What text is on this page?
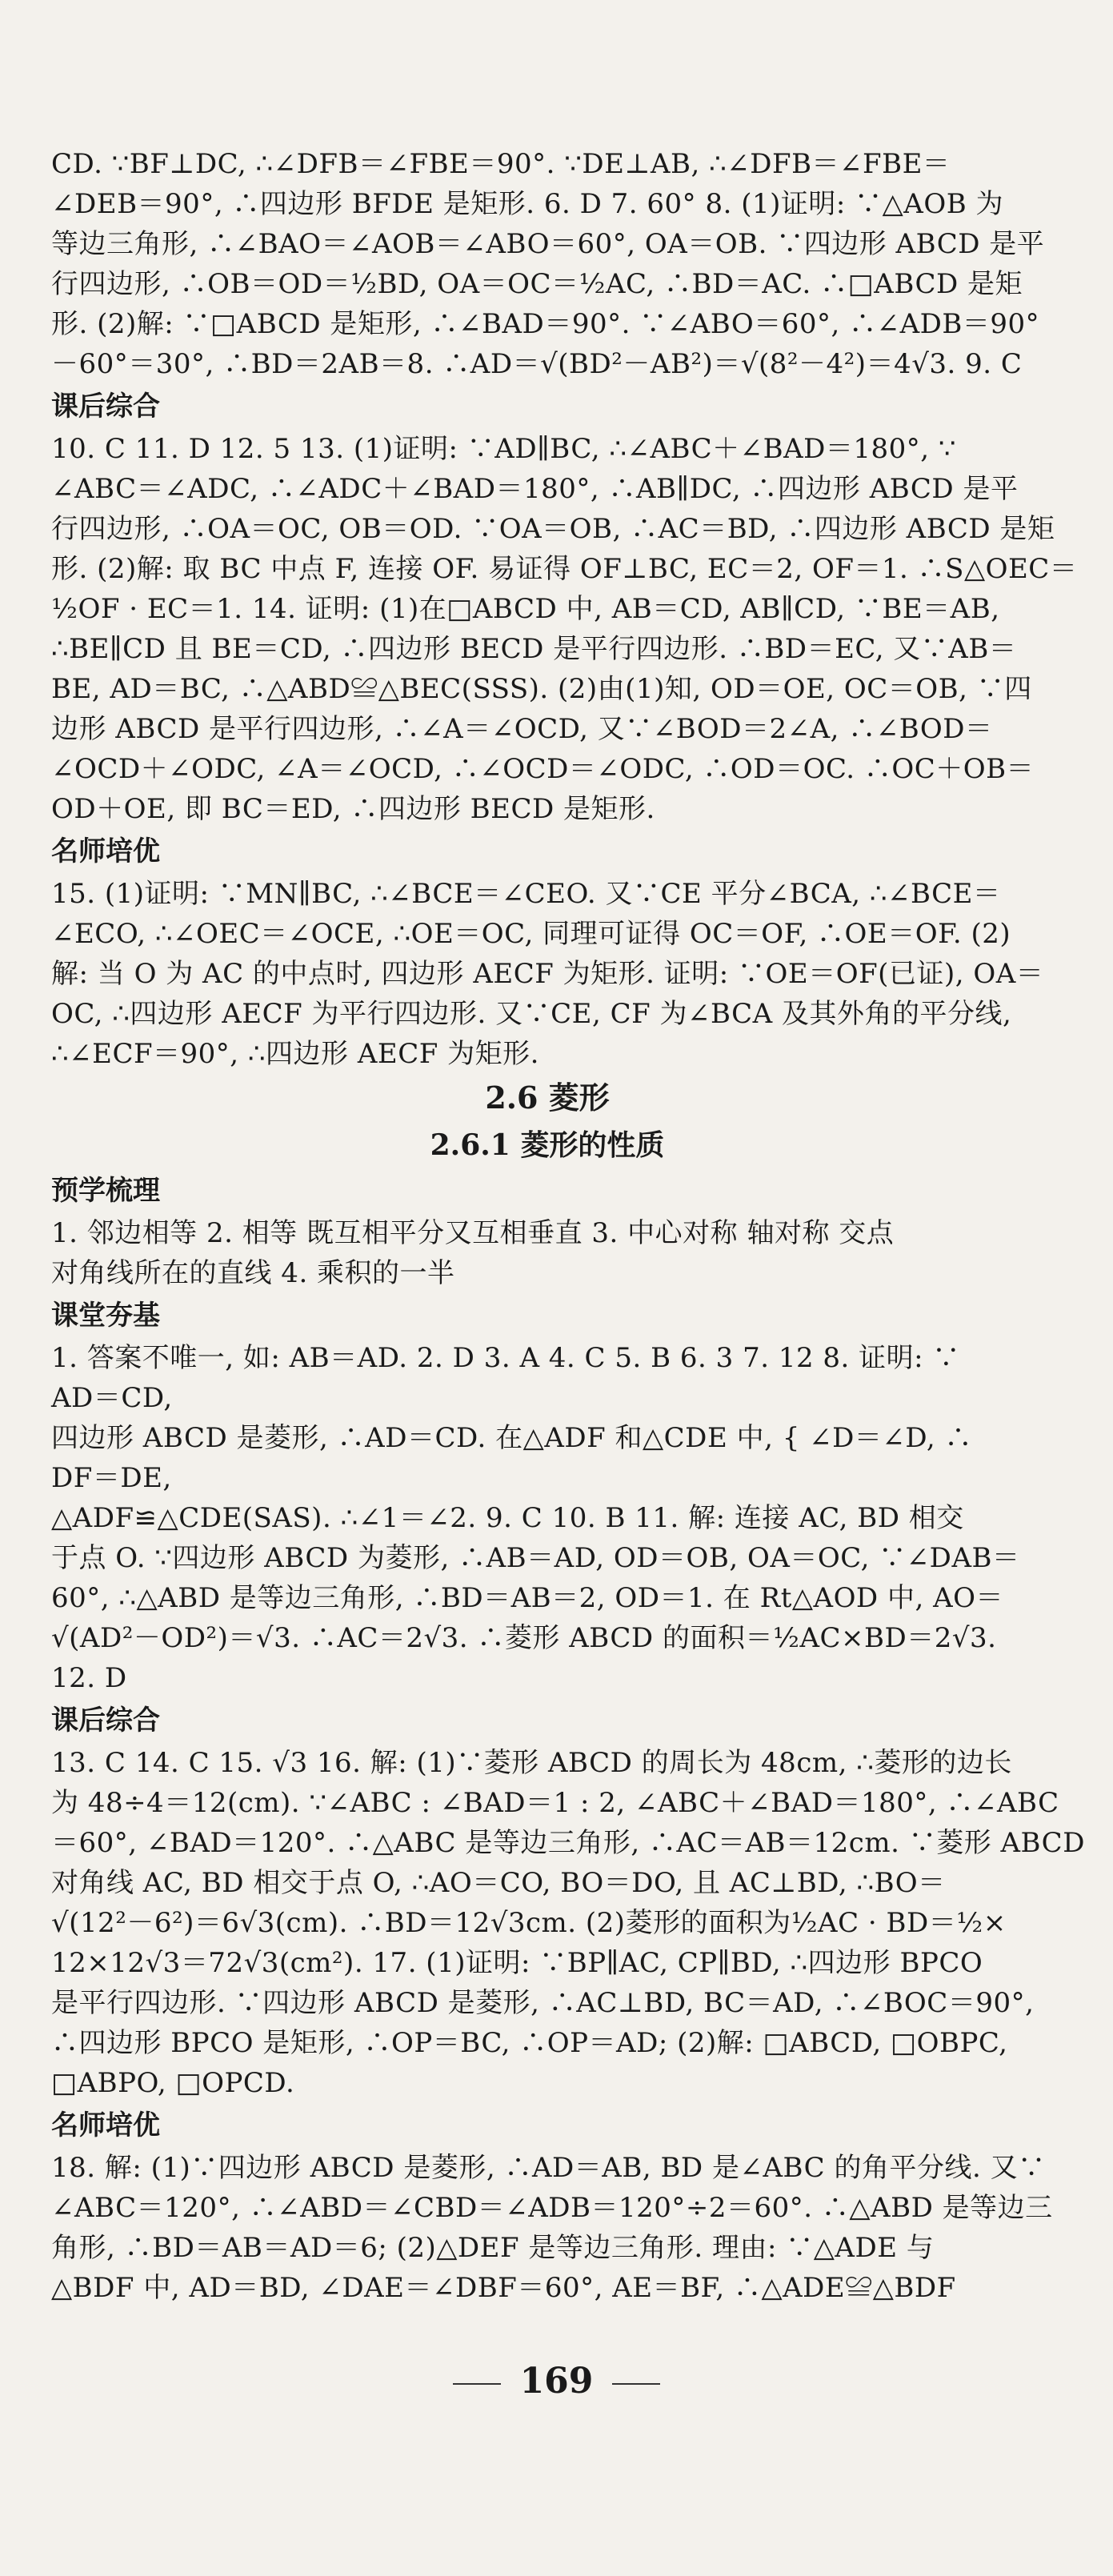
CD. ∵BF⊥DC, ∴∠DFB＝∠FBE＝90°. ∵DE⊥AB, ∴∠DFB＝∠FBE＝
∠DEB＝90°, ∴四边形 BFDE 是矩形. 6. D 7. 60° 8. (1)证明: ∵△AOB 为
等边三角形, ∴∠BAO＝∠AOB＝∠ABO＝60°, OA＝OB. ∵四边形 ABCD 是平
行四边形, ∴OB＝OD＝½BD, OA＝OC＝½AC, ∴BD＝AC. ∴□ABCD 是矩
形. (2)解: ∵□ABCD 是矩形, ∴∠BAD＝90°. ∵∠ABO＝60°, ∴∠ADB＝90°
－60°＝30°, ∴BD＝2AB＝8. ∴AD＝√(BD²－AB²)＝√(8²－4²)＝4√3. 9. C
课后综合
10. C 11. D 12. 5 13. (1)证明: ∵AD∥BC, ∴∠ABC＋∠BAD＝180°, ∵
∠ABC＝∠ADC, ∴∠ADC＋∠BAD＝180°, ∴AB∥DC, ∴四边形 ABCD 是平
行四边形, ∴OA＝OC, OB＝OD. ∵OA＝OB, ∴AC＝BD, ∴四边形 ABCD 是矩
形. (2)解: 取 BC 中点 F, 连接 OF. 易证得 OF⊥BC, EC＝2, OF＝1. ∴S△OEC＝
½OF · EC＝1. 14. 证明: (1)在□ABCD 中, AB＝CD, AB∥CD, ∵BE＝AB,
∴BE∥CD 且 BE＝CD, ∴四边形 BECD 是平行四边形. ∴BD＝EC, 又∵AB＝
BE, AD＝BC, ∴△ABD≌△BEC(SSS). (2)由(1)知, OD＝OE, OC＝OB, ∵四
边形 ABCD 是平行四边形, ∴∠A＝∠OCD, 又∵∠BOD＝2∠A, ∴∠BOD＝
∠OCD＋∠ODC, ∠A＝∠OCD, ∴∠OCD＝∠ODC, ∴OD＝OC. ∴OC＋OB＝
OD＋OE, 即 BC＝ED, ∴四边形 BECD 是矩形.
名师培优
15. (1)证明: ∵MN∥BC, ∴∠BCE＝∠CEO. 又∵CE 平分∠BCA, ∴∠BCE＝
∠ECO, ∴∠OEC＝∠OCE, ∴OE＝OC, 同理可证得 OC＝OF, ∴OE＝OF. (2)
解: 当 O 为 AC 的中点时, 四边形 AECF 为矩形. 证明: ∵OE＝OF(已证), OA＝
OC, ∴四边形 AECF 为平行四边形. 又∵CE, CF 为∠BCA 及其外角的平分线,
∴∠ECF＝90°, ∴四边形 AECF 为矩形.
2.6 菱形
2.6.1 菱形的性质
预学梳理
1. 邻边相等 2. 相等 既互相平分又互相垂直 3. 中心对称 轴对称 交点
对角线所在的直线 4. 乘积的一半
课堂夯基
1. 答案不唯一, 如: AB＝AD. 2. D 3. A 4. C 5. B 6. 3 7. 12 8. 证明: ∵
AD＝CD,
四边形 ABCD 是菱形, ∴AD＝CD. 在△ADF 和△CDE 中, { ∠D＝∠D, ∴
DF＝DE,
△ADF≌△CDE(SAS). ∴∠1＝∠2. 9. C 10. B 11. 解: 连接 AC, BD 相交
于点 O. ∵四边形 ABCD 为菱形, ∴AB＝AD, OD＝OB, OA＝OC, ∵∠DAB＝
60°, ∴△ABD 是等边三角形, ∴BD＝AB＝2, OD＝1. 在 Rt△AOD 中, AO＝
√(AD²－OD²)＝√3. ∴AC＝2√3. ∴菱形 ABCD 的面积＝½AC×BD＝2√3.
12. D
课后综合
13. C 14. C 15. √3 16. 解: (1)∵菱形 ABCD 的周长为 48cm, ∴菱形的边长
为 48÷4＝12(cm). ∵∠ABC : ∠BAD＝1 : 2, ∠ABC＋∠BAD＝180°, ∴∠ABC
＝60°, ∠BAD＝120°. ∴△ABC 是等边三角形, ∴AC＝AB＝12cm. ∵菱形 ABCD
对角线 AC, BD 相交于点 O, ∴AO＝CO, BO＝DO, 且 AC⊥BD, ∴BO＝
√(12²－6²)＝6√3(cm). ∴BD＝12√3cm. (2)菱形的面积为½AC · BD＝½×
12×12√3＝72√3(cm²). 17. (1)证明: ∵BP∥AC, CP∥BD, ∴四边形 BPCO
是平行四边形. ∵四边形 ABCD 是菱形, ∴AC⊥BD, BC＝AD, ∴∠BOC＝90°,
∴四边形 BPCO 是矩形, ∴OP＝BC, ∴OP＝AD; (2)解: □ABCD, □OBPC,
□ABPO, □OPCD.
名师培优
18. 解: (1)∵四边形 ABCD 是菱形, ∴AD＝AB, BD 是∠ABC 的角平分线. 又∵
∠ABC＝120°, ∴∠ABD＝∠CBD＝∠ADB＝120°÷2＝60°. ∴△ABD 是等边三
角形, ∴BD＝AB＝AD＝6; (2)△DEF 是等边三角形. 理由: ∵△ADE 与
△BDF 中, AD＝BD, ∠DAE＝∠DBF＝60°, AE＝BF, ∴△ADE≌△BDF
169
